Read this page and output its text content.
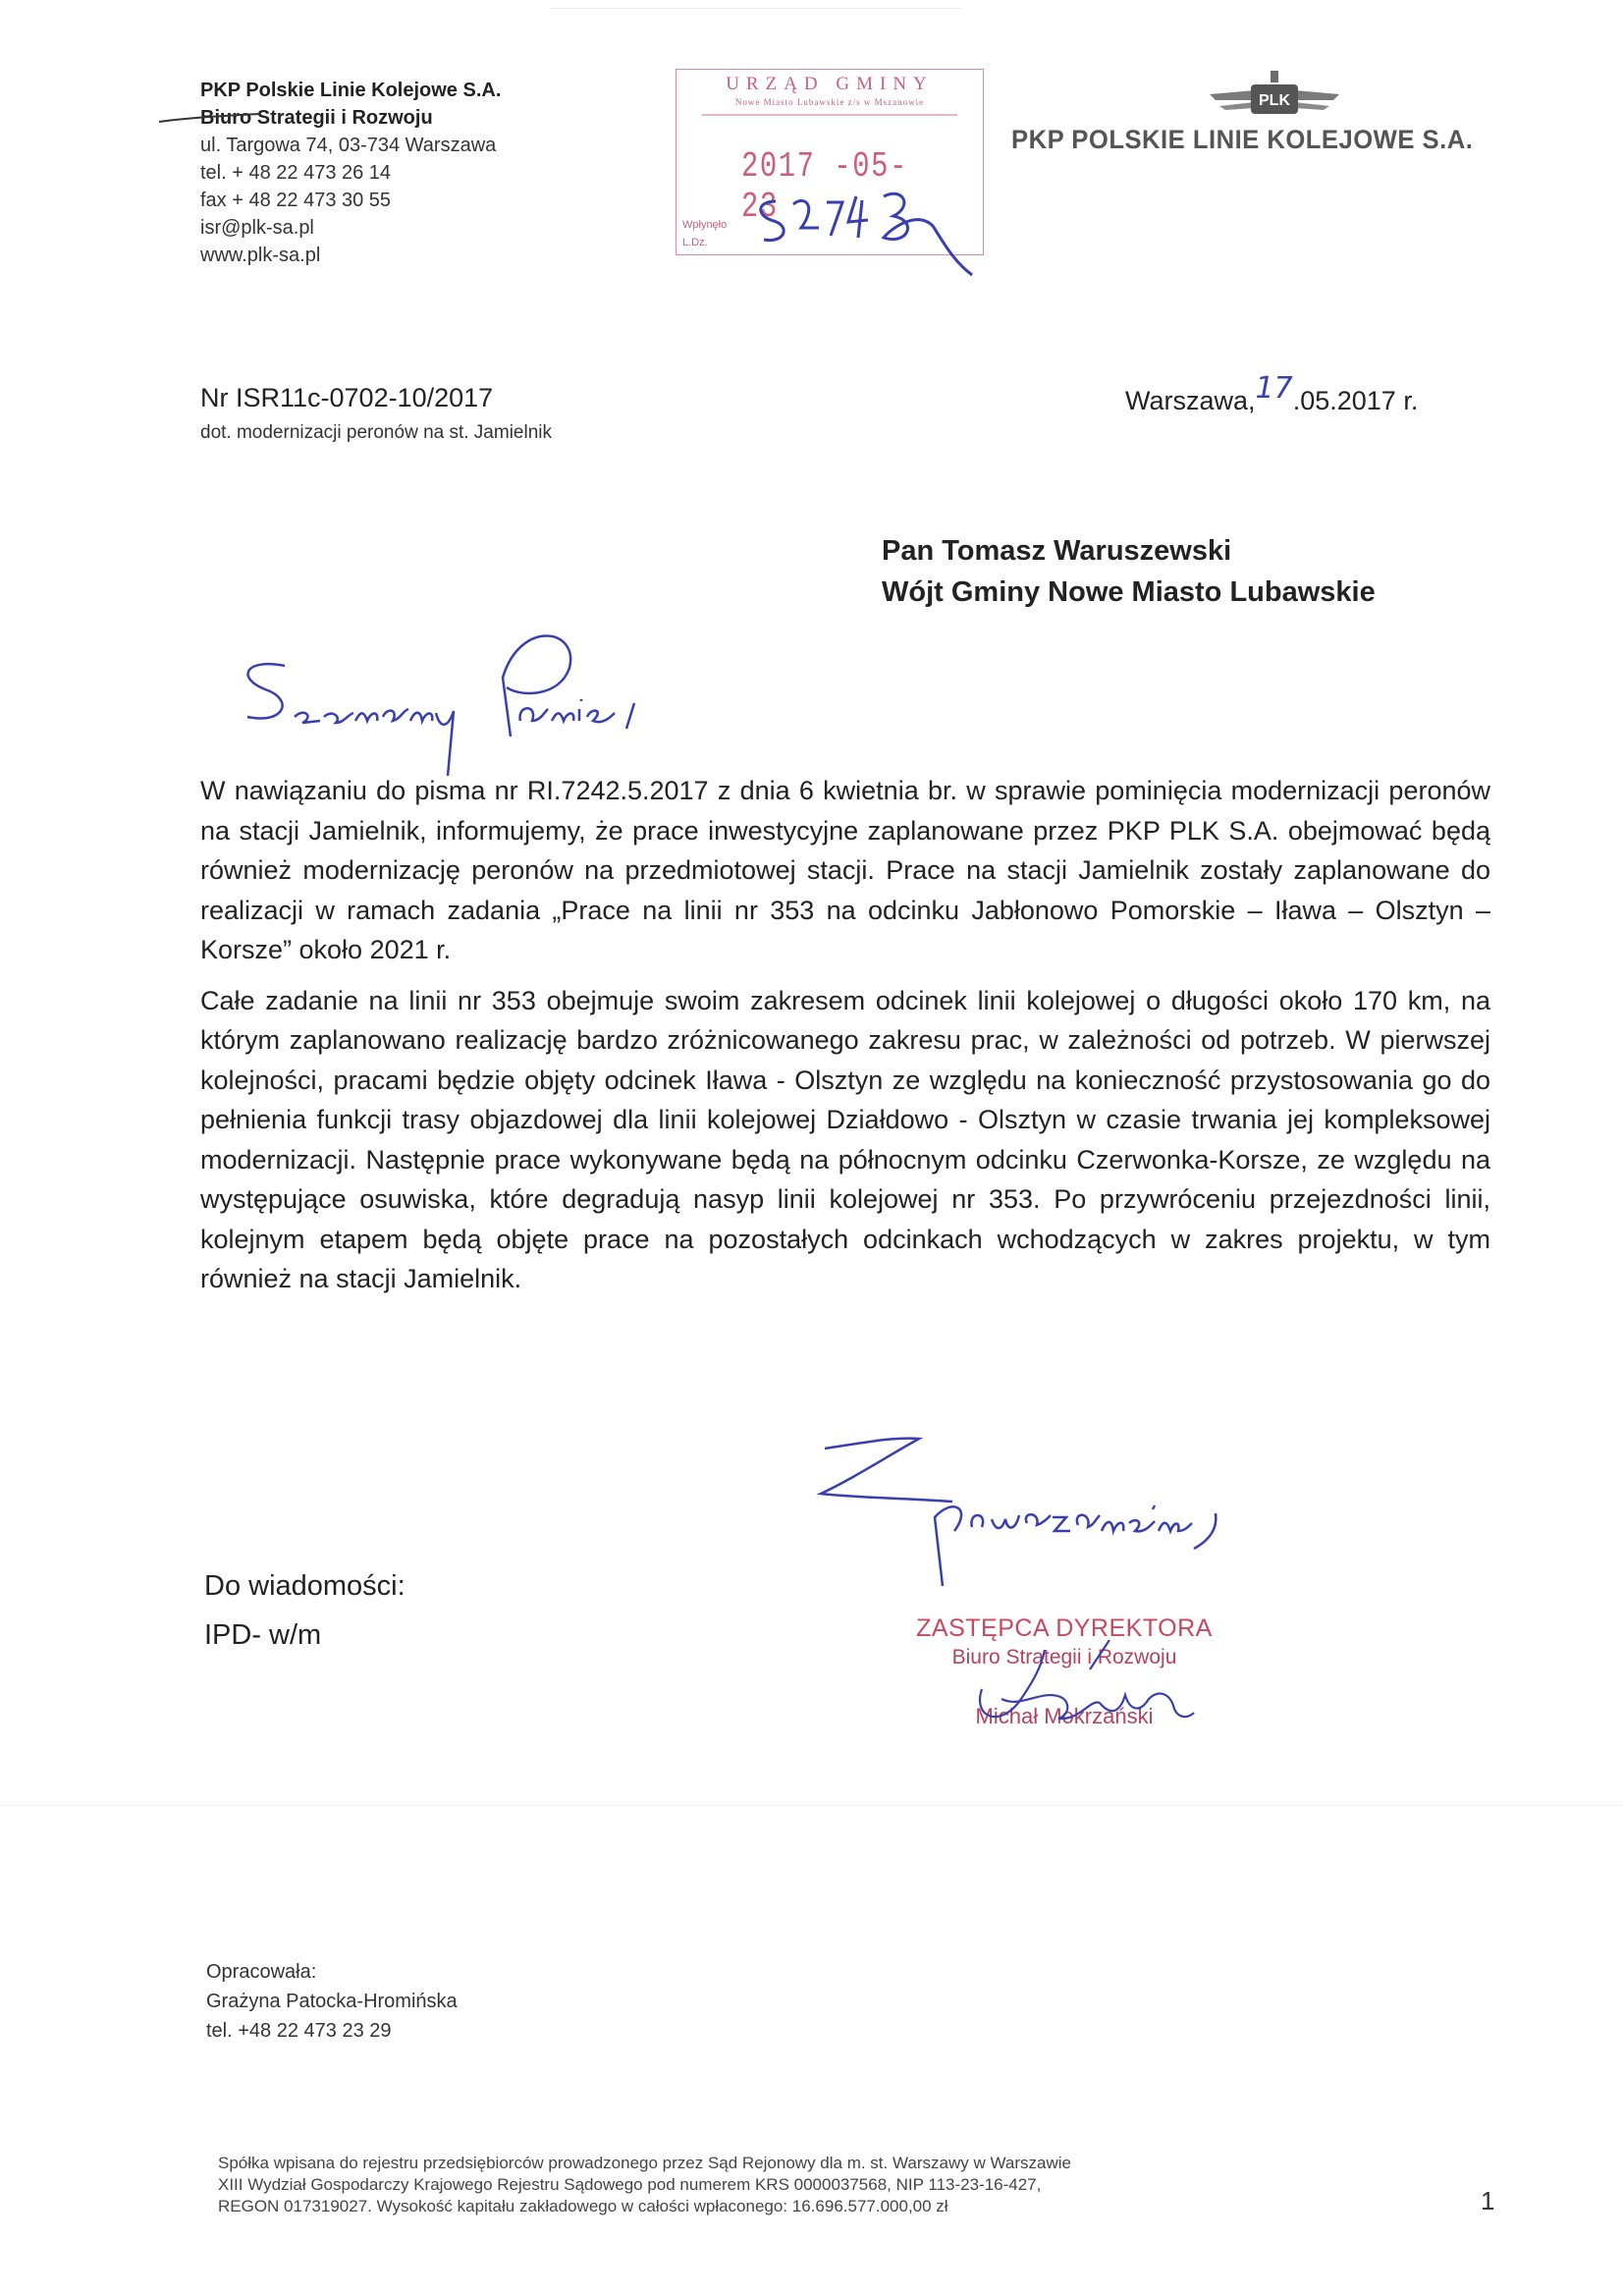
PKP Polskie Linie Kolejowe S.A.
Biuro Strategii i Rozwoju
ul. Targowa 74, 03-734 Warszawa
tel. + 48 22 473 26 14
fax + 48 22 473 30 55
isr@plk-sa.pl
www.plk-sa.pl
URZĄD GMINY
Nowe Miasto Lubawskie z/s w Mszanowie
2017 -05- 23
Wpłynęło
L.Dz.
PLK
PKP POLSKIE LINIE KOLEJOWE S.A.
Nr ISR11c-0702-10/2017
dot. modernizacji peronów na st. Jamielnik
Warszawa,17.05.2017 r.
Pan Tomasz Waruszewski
Wójt Gminy Nowe Miasto Lubawskie

W nawiązaniu do pisma nr RI.7242.5.2017 z dnia 6 kwietnia br. w sprawie pominięcia modernizacji peronów na stacji Jamielnik, informujemy, że prace inwestycyjne zaplanowane przez PKP PLK S.A. obejmować będą również modernizację peronów na przedmiotowej stacji. Prace na stacji Jamielnik zostały zaplanowane do realizacji w ramach zadania „Prace na linii nr 353 na odcinku Jabłonowo Pomorskie – Iława – Olsztyn – Korsze” około 2021 r.

Całe zadanie na linii nr 353 obejmuje swoim zakresem odcinek linii kolejowej o długości około 170 km, na którym zaplanowano realizację bardzo zróżnicowanego zakresu prac, w zależności od potrzeb. W pierwszej kolejności, pracami będzie objęty odcinek Iława - Olsztyn ze względu na konieczność przystosowania go do pełnienia funkcji trasy objazdowej dla linii kolejowej Działdowo - Olsztyn w czasie trwania jej kompleksowej modernizacji. Następnie prace wykonywane będą na północnym odcinku Czerwonka-Korsze, ze względu na występujące osuwiska, które degradują nasyp linii kolejowej nr 353. Po przywróceniu przejezdności linii, kolejnym etapem będą objęte prace na pozostałych odcinkach wchodzących w zakres projektu, w tym również na stacji Jamielnik.

Do wiadomości:
IPD- w/m	ZASTĘPCA DYREKTORA
Biuro Strategii i Rozwoju
Michał Mokrzański
Opracowała:
Grażyna Patocka-Hromińska
tel. +48 22 473 23 29
Spółka wpisana do rejestru przedsiębiorców prowadzonego przez Sąd Rejonowy dla m. st. Warszawy w Warszawie
XIII Wydział Gospodarczy Krajowego Rejestru Sądowego pod numerem KRS 0000037568, NIP 113-23-16-427,
REGON 017319027. Wysokość kapitału zakładowego w całości wpłaconego: 16.696.577.000,00 zł	1
